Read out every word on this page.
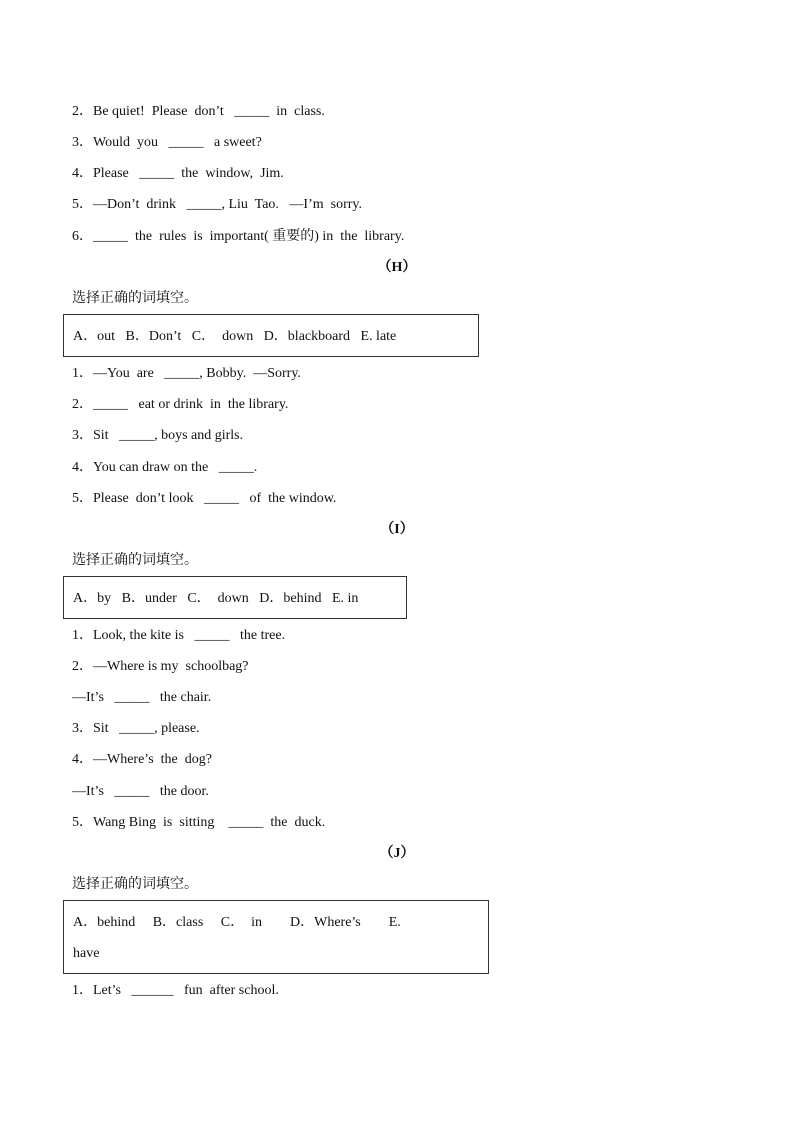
2．Be quiet!  Please  don’t   _____  in  class.
3．Would  you   _____   a sweet?
4．Please   _____  the  window,  Jim.
5．—Don’t  drink   _____, Liu  Tao.   —I’m  sorry.
6．_____  the  rules  is  important( 重要的) in  the  library.
（H）
选择正确的词填空。
A．out   B．Don’t   C．  down   D．blackboard   E. late
1．—You  are   _____, Bobby.  —Sorry.
2．_____   eat or drink  in  the library.
3．Sit   _____, boys and girls.
4．You can draw on the   _____.
5．Please  don’t look   _____   of  the window.
（I）
选择正确的词填空。
A．by   B．under   C．  down   D．behind   E. in
1．Look, the kite is   _____   the tree.
2．—Where is my  schoolbag?
—It’s   _____   the chair.
3．Sit   _____, please.
4．—Where’s  the  dog?
—It’s   _____   the door.
5．Wang Bing  is  sitting    _____  the  duck.
（J）
选择正确的词填空。
A．behind     B．class     C．  in        D．Where’s        E.
have
1．Let’s   ______   fun  after school.
